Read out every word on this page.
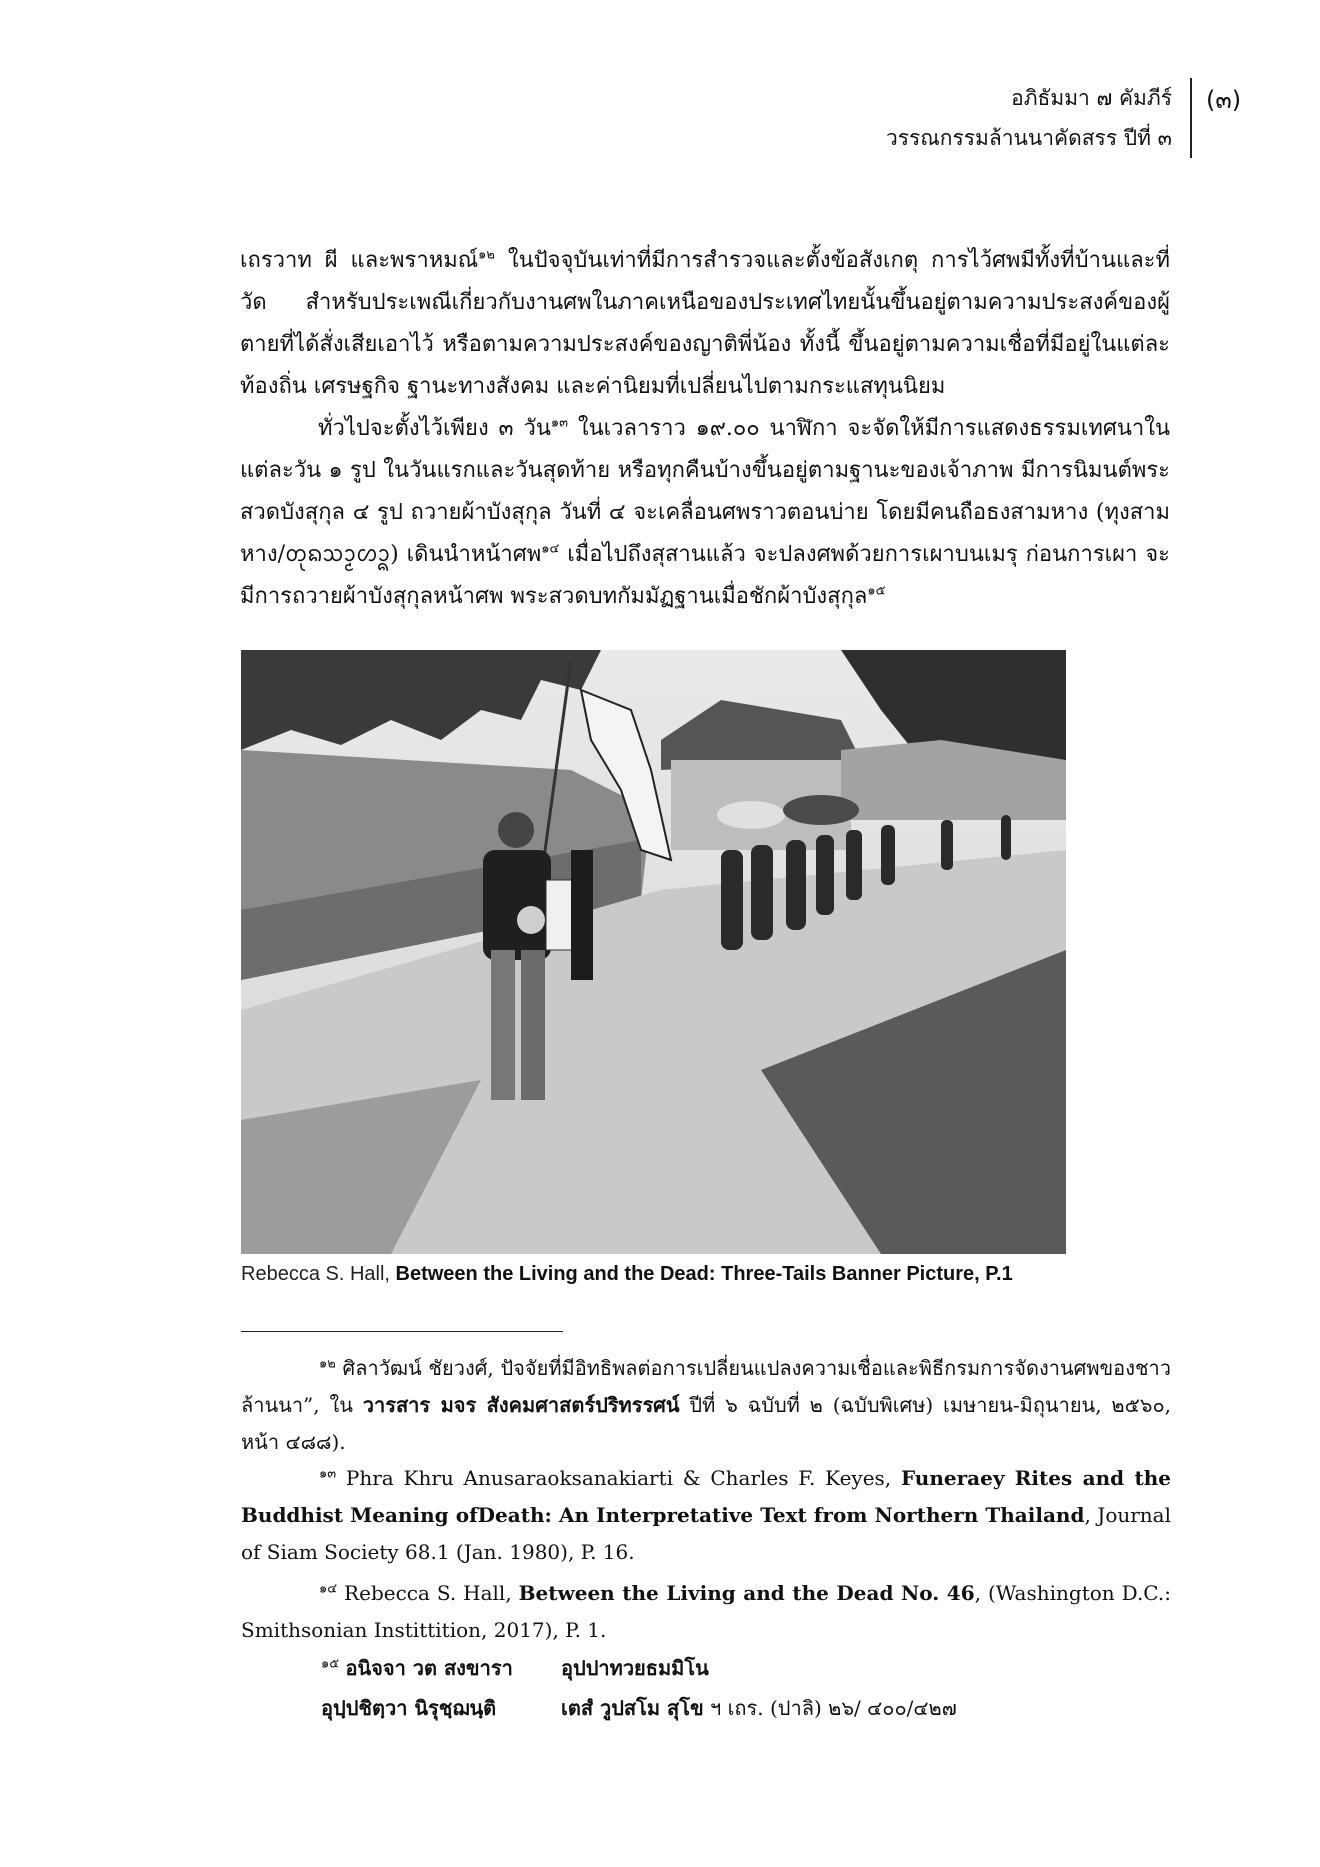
อภิธัมมา ๗ คัมภีร์
วรรณกรรมล้านนาคัดสรร ปีที่ ๓
(๓)

เถรวาท ผี และพราหมณ์$^{๑๒}$ ในปัจจุบันเท่าที่มีการสำรวจและตั้งข้อสังเกตุ การไว้ศพมีทั้งที่บ้านและที่วัด สำหรับประเพณีเกี่ยวกับงานศพในภาคเหนือของประเทศไทยนั้นขึ้นอยู่ตามความประสงค์ของผู้ตายที่ได้สั่งเสียเอาไว้ หรือตามความประสงค์ของญาติพี่น้อง ทั้งนี้ ขึ้นอยู่ตามความเชื่อที่มีอยู่ในแต่ละท้องถิ่น เศรษฐกิจ ฐานะทางสังคม และค่านิยมที่เปลี่ยนไปตามกระแสทุนนิยม

ทั่วไปจะตั้งไว้เพียง ๓ วัน$^{๑๓}$ ในเวลาราว ๑๙.๐๐ นาฬิกา จะจัดให้มีการแสดงธรรมเทศนาในแต่ละวัน ๑ รูป ในวันแรกและวันสุดท้าย หรือทุกคืนบ้างขึ้นอยู่ตามฐานะของเจ้าภาพ มีการนิมนต์พระสวดบังสุกุล ๔ รูป ถวายผ้าบังสุกุล วันที่ ๔ จะเคลื่อนศพราวตอนบ่าย โดยมีคนถือธงสามหาง (ทุงสามหาง/ᨲᩩᨦᩈᩣ᩠ᨾᩉᩣ᩠ᨦ) เดินนำหน้าศพ$^{๑๔}$ เมื่อไปถึงสุสานแล้ว จะปลงศพด้วยการเผาบนเมรุ ก่อนการเผา จะมีการถวายผ้าบังสุกุลหน้าศพ พระสวดบทกัมมัฏฐานเมื่อชักผ้าบังสุกุล$^{๑๕}$

Rebecca S. Hall, Between the Living and the Dead: Three-Tails Banner Picture, P.1

$^{๑๒}$ ศิลาวัฒน์ ชัยวงศ์, ปัจจัยที่มีอิทธิพลต่อการเปลี่ยนแปลงความเชื่อและพิธีกรมการจัดงานศพของชาวล้านนา”, ใน วารสาร มจร สังคมศาสตร์ปริทรรศน์ ปีที่ ๖ ฉบับที่ ๒ (ฉบับพิเศษ) เมษายน-มิถุนายน, ๒๕๖๐, หน้า ๔๘๘).

$^{๑๓}$ Phra Khru Anusaraoksanakiarti & Charles F. Keyes, Funeraey Rites and the Buddhist Meaning ofDeath: An Interpretative Text from Northern Thailand, Journal of Siam Society 68.1 (Jan. 1980), P. 16.

$^{๑๔}$ Rebecca S. Hall, Between the Living and the Dead No. 46, (Washington D.C.: Smithsonian Instittition, 2017), P. 1.

$^{๑๕}$ อนิจจา วต สงขารา	อุปปาทวยธมมิโน
อุปฺปชิตฺวา นิรุชฺฌนฺติ	เตสํ วูปสโม สุโข ฯ เถร. (ปาลิ) ๒๖/ ๔๐๐/๔๒๗
